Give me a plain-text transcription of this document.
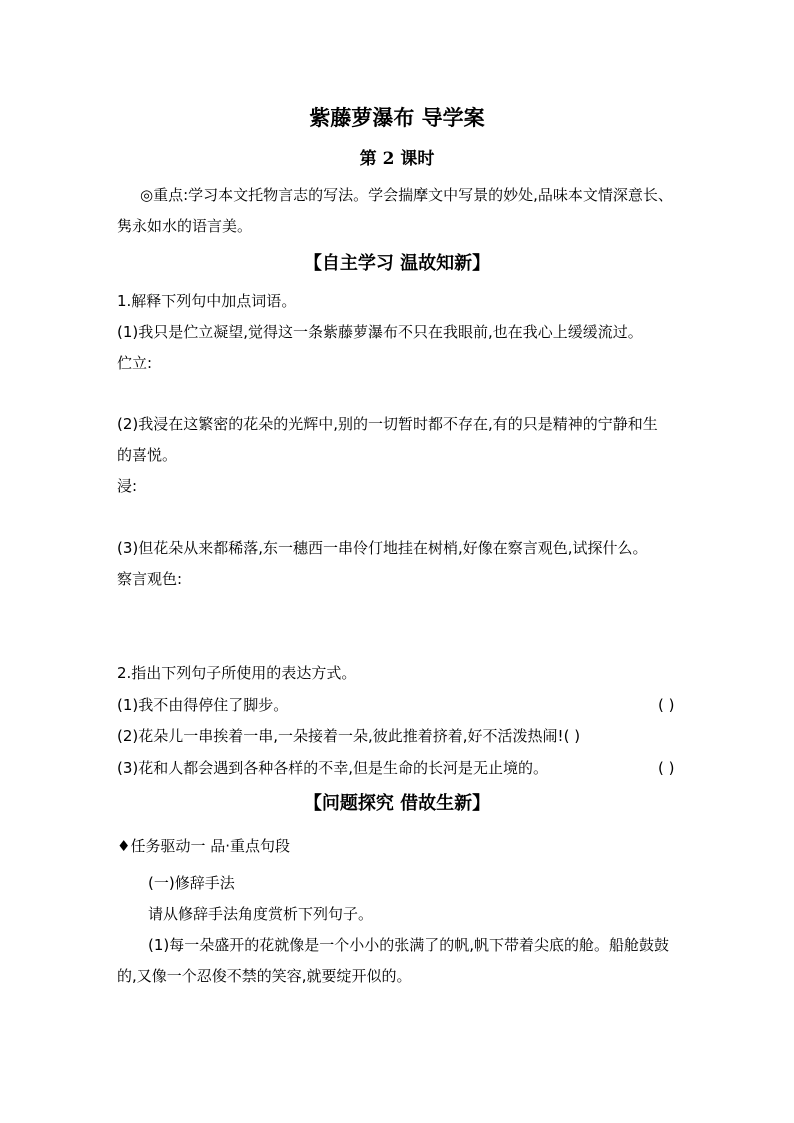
紫藤萝瀑布 导学案
第 2 课时
◎重点:学习本文托物言志的写法。学会揣摩文中写景的妙处,品味本文情深意长、
隽永如水的语言美。
【自主学习 温故知新】
1.解释下列句中加点词语。
(1)我只是伫立凝望,觉得这一条紫藤萝瀑布不只在我眼前,也在我心上缓缓流过。
伫立:
(2)我浸在这繁密的花朵的光辉中,别的一切暂时都不存在,有的只是精神的宁静和生
的喜悦。
浸:
(3)但花朵从来都稀落,东一穗西一串伶仃地挂在树梢,好像在察言观色,试探什么。
察言观色:
2.指出下列句子所使用的表达方式。
(1)我不由得停住了脚步。	( )
(2)花朵儿一串挨着一串,一朵接着一朵,彼此推着挤着,好不活泼热闹!( )
(3)花和人都会遇到各种各样的不幸,但是生命的长河是无止境的。	( )
【问题探究 借故生新】
♦任务驱动一 品·重点句段
(一)修辞手法
请从修辞手法角度赏析下列句子。
(1)每一朵盛开的花就像是一个小小的张满了的帆,帆下带着尖底的舱。船舱鼓鼓
的,又像一个忍俊不禁的笑容,就要绽开似的。
